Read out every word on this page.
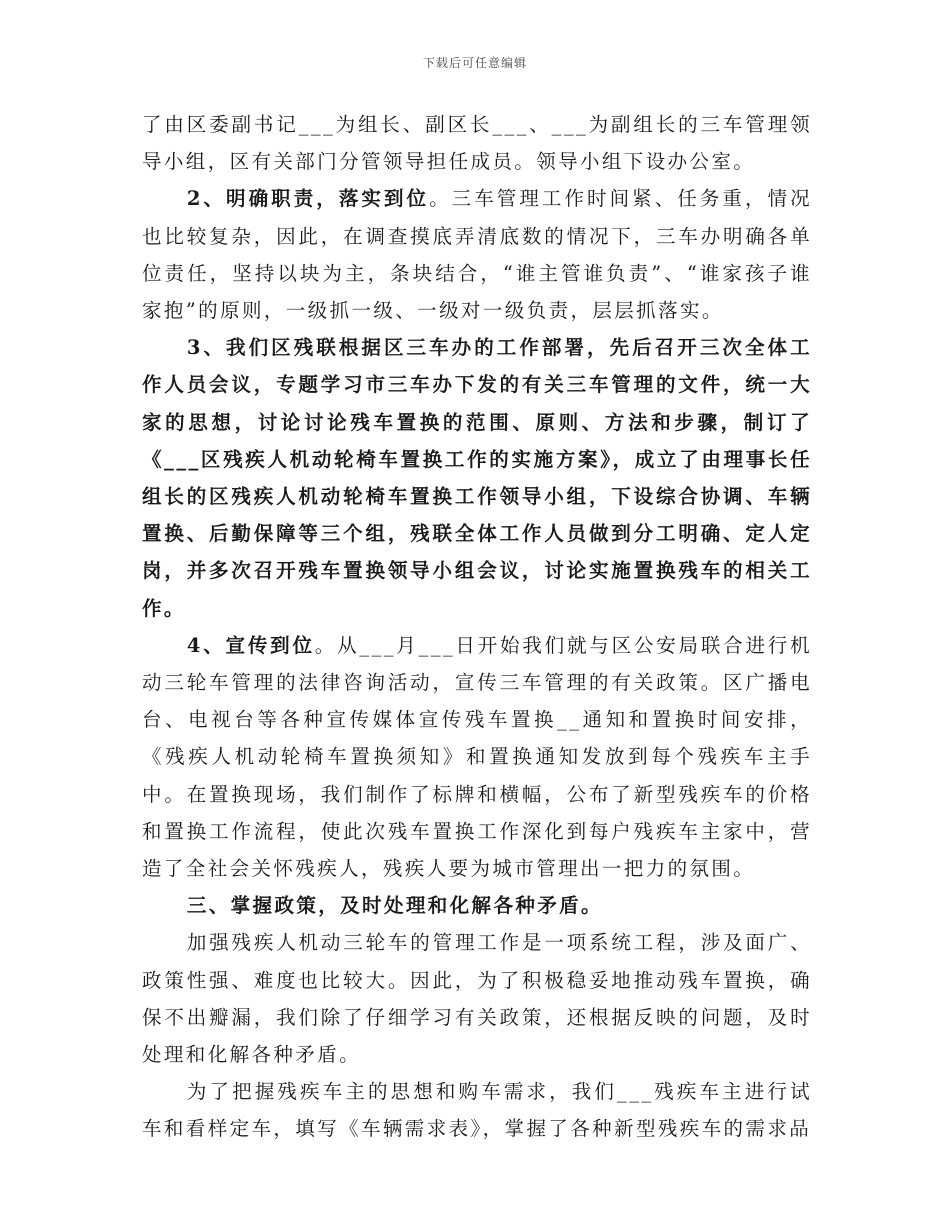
下载后可任意编辑

了由区委副书记___为组长、副区长___、___为副组长的三车管理领导小组，区有关部门分管领导担任成员。领导小组下设办公室。

2、明确职责，落实到位。三车管理工作时间紧、任务重，情况也比较复杂，因此，在调查摸底弄清底数的情况下，三车办明确各单位责任，坚持以块为主，条块结合，“谁主管谁负责”、“谁家孩子谁家抱”的原则，一级抓一级、一级对一级负责，层层抓落实。

3、我们区残联根据区三车办的工作部署，先后召开三次全体工作人员会议，专题学习市三车办下发的有关三车管理的文件，统一大家的思想，讨论讨论残车置换的范围、原则、方法和步骤，制订了《___区残疾人机动轮椅车置换工作的实施方案》，成立了由理事长任组长的区残疾人机动轮椅车置换工作领导小组，下设综合协调、车辆置换、后勤保障等三个组，残联全体工作人员做到分工明确、定人定岗，并多次召开残车置换领导小组会议，讨论实施置换残车的相关工作。

4、宣传到位。从___月___日开始我们就与区公安局联合进行机动三轮车管理的法律咨询活动，宣传三车管理的有关政策。区广播电台、电视台等各种宣传媒体宣传残车置换__通知和置换时间安排，《残疾人机动轮椅车置换须知》和置换通知发放到每个残疾车主手中。在置换现场，我们制作了标牌和横幅，公布了新型残疾车的价格和置换工作流程，使此次残车置换工作深化到每户残疾车主家中，营造了全社会关怀残疾人，残疾人要为城市管理出一把力的氛围。

三、掌握政策，及时处理和化解各种矛盾。

加强残疾人机动三轮车的管理工作是一项系统工程，涉及面广、政策性强、难度也比较大。因此，为了积极稳妥地推动残车置换，确保不出瓣漏，我们除了仔细学习有关政策，还根据反映的问题，及时处理和化解各种矛盾。

为了把握残疾车主的思想和购车需求，我们___残疾车主进行试车和看样定车，填写《车辆需求表》，掌握了各种新型残疾车的需求品
